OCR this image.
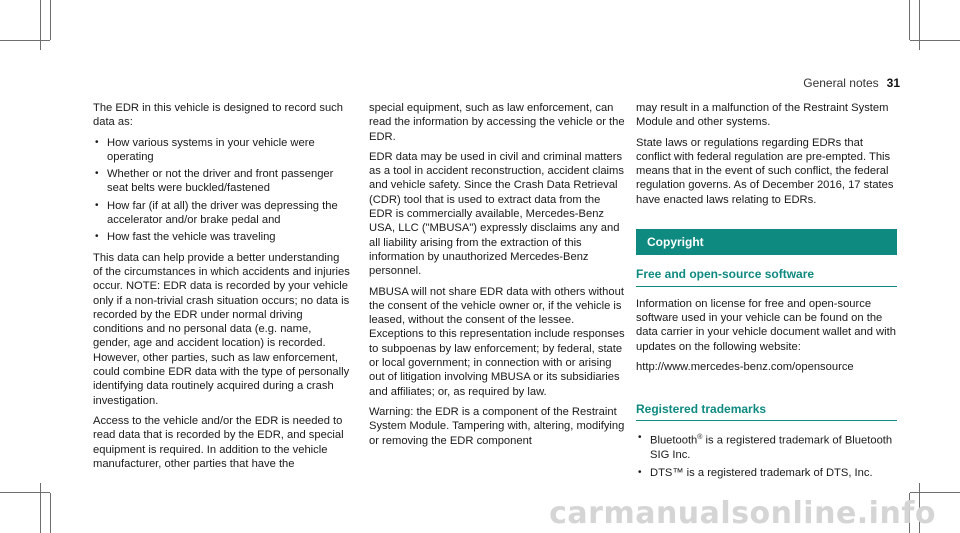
General notes 31

The EDR in this vehicle is designed to record such data as:

• How various systems in your vehicle were operating
• Whether or not the driver and front passenger seat belts were buckled/fastened
• How far (if at all) the driver was depressing the accelerator and/or brake pedal and
• How fast the vehicle was traveling

This data can help provide a better understanding of the circumstances in which accidents and injuries occur. NOTE: EDR data is recorded by your vehicle only if a non-trivial crash situation occurs; no data is recorded by the EDR under normal driving conditions and no personal data (e.g. name, gender, age and accident location) is recorded. However, other parties, such as law enforcement, could combine EDR data with the type of personally identifying data routinely acquired during a crash investigation.

Access to the vehicle and/or the EDR is needed to read data that is recorded by the EDR, and special equipment is required. In addition to the vehicle manufacturer, other parties that have the

special equipment, such as law enforcement, can read the information by accessing the vehicle or the EDR.

EDR data may be used in civil and criminal matters as a tool in accident reconstruction, accident claims and vehicle safety. Since the Crash Data Retrieval (CDR) tool that is used to extract data from the EDR is commercially available, Mercedes-Benz USA, LLC ("MBUSA") expressly disclaims any and all liability arising from the extraction of this information by unauthorized Mercedes-Benz personnel.

MBUSA will not share EDR data with others without the consent of the vehicle owner or, if the vehicle is leased, without the consent of the lessee. Exceptions to this representation include responses to subpoenas by law enforcement; by federal, state or local government; in connection with or arising out of litigation involving MBUSA or its subsidiaries and affiliates; or, as required by law.

Warning: the EDR is a component of the Restraint System Module. Tampering with, altering, modifying or removing the EDR component

may result in a malfunction of the Restraint System Module and other systems.

State laws or regulations regarding EDRs that conflict with federal regulation are pre-empted. This means that in the event of such conflict, the federal regulation governs. As of December 2016, 17 states have enacted laws relating to EDRs.

Copyright
Free and open-source software

Information on license for free and open-source software used in your vehicle can be found on the data carrier in your vehicle document wallet and with updates on the following website:

http://www.mercedes-benz.com/opensource

Registered trademarks
• Bluetooth® is a registered trademark of Bluetooth SIG Inc.
• DTS™ is a registered trademark of DTS, Inc.
carmanualsonline.info
